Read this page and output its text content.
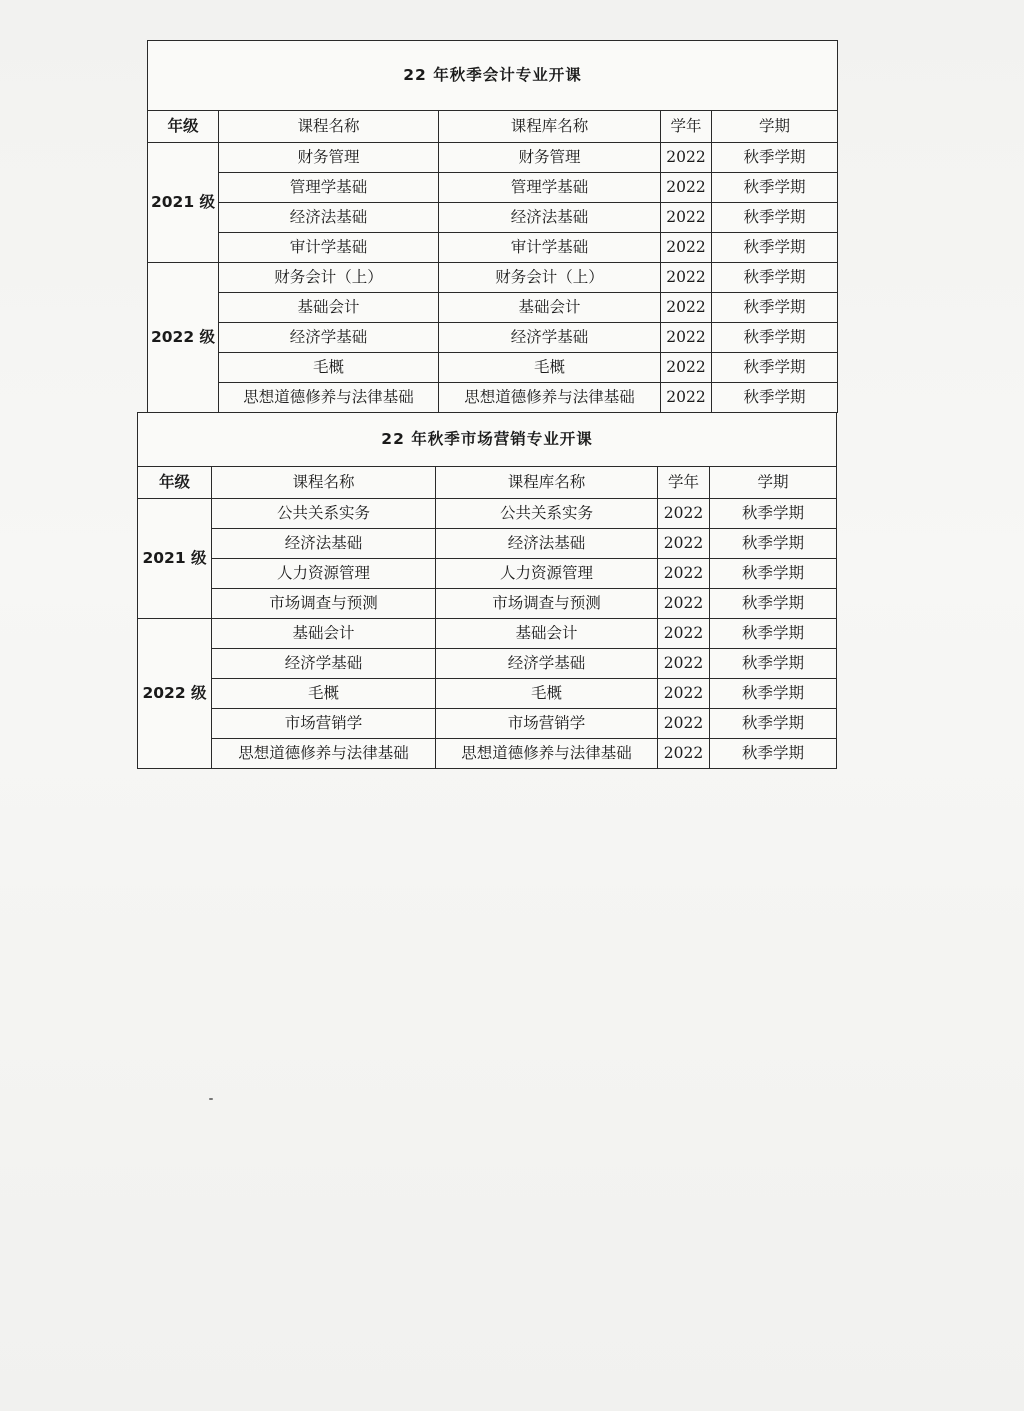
22 年秋季会计专业开课				
年级	课程名称	课程库名称	学年	学期
2021 级	财务管理	财务管理	2022	秋季学期
	管理学基础	管理学基础	2022	秋季学期
	经济法基础	经济法基础	2022	秋季学期
	审计学基础	审计学基础	2022	秋季学期
2022 级	财务会计（上）	财务会计（上）	2022	秋季学期
	基础会计	基础会计	2022	秋季学期
	经济学基础	经济学基础	2022	秋季学期
	毛概	毛概	2022	秋季学期
	思想道德修养与法律基础	思想道德修养与法律基础	2022	秋季学期
22 年秋季市场营销专业开课				
年级	课程名称	课程库名称	学年	学期
2021 级	公共关系实务	公共关系实务	2022	秋季学期
	经济法基础	经济法基础	2022	秋季学期
	人力资源管理	人力资源管理	2022	秋季学期
	市场调查与预测	市场调查与预测	2022	秋季学期
2022 级	基础会计	基础会计	2022	秋季学期
	经济学基础	经济学基础	2022	秋季学期
	毛概	毛概	2022	秋季学期
	市场营销学	市场营销学	2022	秋季学期
	思想道德修养与法律基础	思想道德修养与法律基础	2022	秋季学期
